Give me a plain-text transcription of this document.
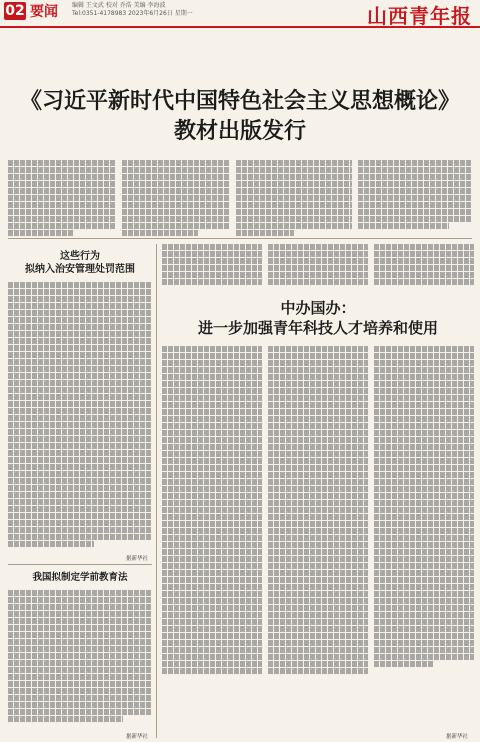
02 要闻 编辑 王文武 校对 乔浩 美编 李海波
Tel:0351-4178983 2023年6月26日 星期一	山西青年报
《习近平新时代中国特色社会主义思想概论》
教材出版发行
这些行为
拟纳入治安管理处罚范围
据新华社
我国拟制定学前教育法
据新华社
中办国办：
进一步加强青年科技人才培养和使用
据新华社
